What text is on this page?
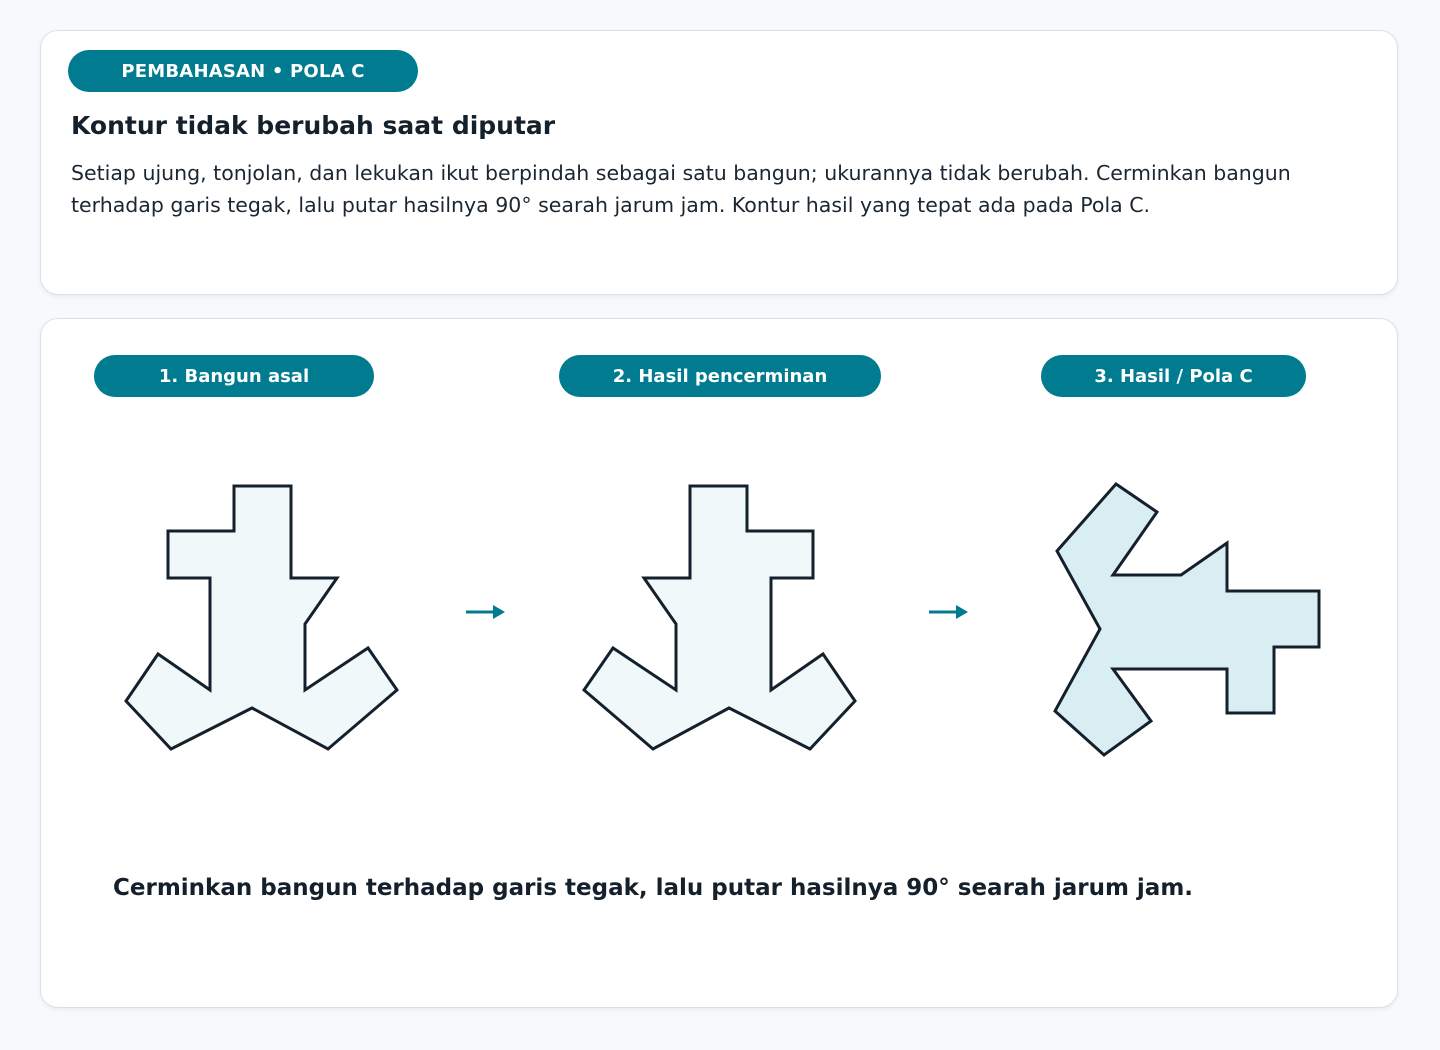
PEMBAHASAN • POLA C
Kontur tidak berubah saat diputar

Setiap ujung, tonjolan, dan lekukan ikut berpindah sebagai satu bangun; ukurannya tidak berubah. Cerminkan bangun terhadap garis tegak, lalu putar hasilnya 90° searah jarum jam. Kontur hasil yang tepat ada pada Pola C.

1. Bangun asal	2. Hasil pencerminan	3. Hasil / Pola C

Cerminkan bangun terhadap garis tegak, lalu putar hasilnya 90° searah jarum jam.
